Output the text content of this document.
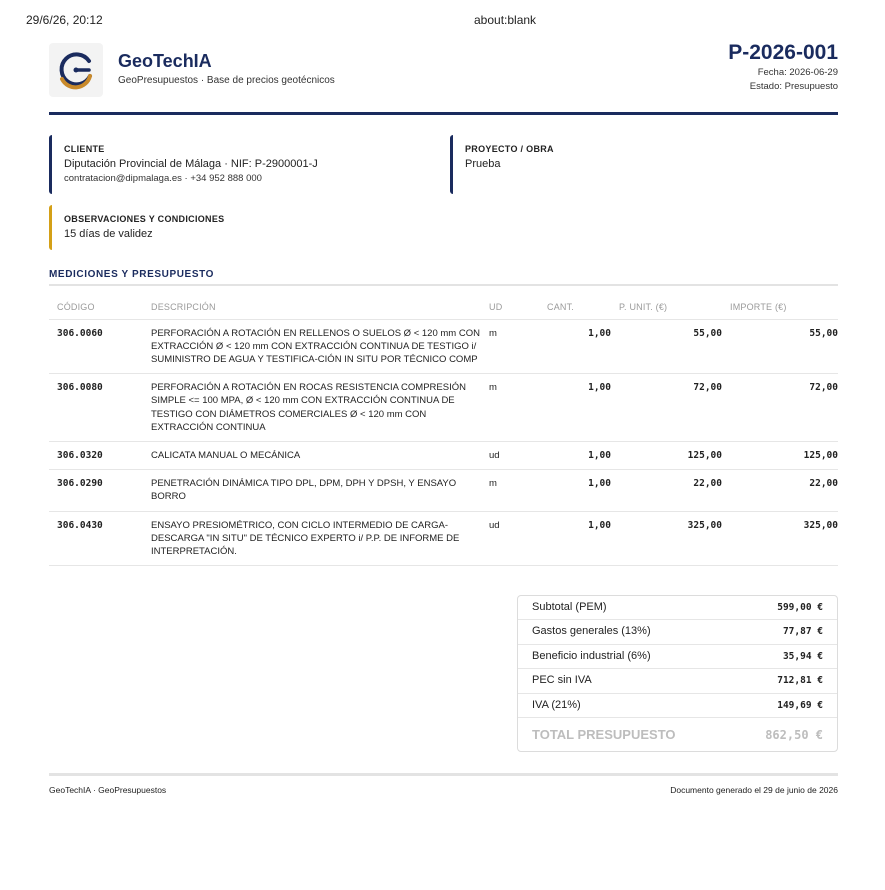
29/6/26, 20:12	about:blank
GeoTechIA
GeoPresupuestos · Base de precios geotécnicos
P-2026-001
Fecha: 2026-06-29
Estado: Presupuesto
CLIENTE
Diputación Provincial de Málaga · NIF: P-2900001-J
contratacion@dipmalaga.es · +34 952 888 000
PROYECTO / OBRA
Prueba
OBSERVACIONES Y CONDICIONES
15 días de validez
MEDICIONES Y PRESUPUESTO
CÓDIGO	DESCRIPCIÓN	UD	CANT.	P. UNIT. (€)	IMPORTE (€)
306.0060	PERFORACIÓN A ROTACIÓN EN RELLENOS O SUELOS Ø < 120 mm CON EXTRACCIÓN Ø < 120 mm CON EXTRACCIÓN CONTINUA DE TESTIGO i/ SUMINISTRO DE AGUA Y TESTIFICA-CIÓN IN SITU POR TÉCNICO COMP	m	1,00	55,00	55,00
306.0080	PERFORACIÓN A ROTACIÓN EN ROCAS RESISTENCIA COMPRESIÓN SIMPLE <= 100 MPA, Ø < 120 mm CON EXTRACCIÓN CONTINUA DE TESTIGO CON DIÁMETROS COMERCIALES Ø < 120 mm CON EXTRACCIÓN CONTINUA	m	1,00	72,00	72,00
306.0320	CALICATA MANUAL O MECÁNICA	ud	1,00	125,00	125,00
306.0290	PENETRACIÓN DINÁMICA TIPO DPL, DPM, DPH Y DPSH, Y ENSAYO BORRO	m	1,00	22,00	22,00
306.0430	ENSAYO PRESIOMÉTRICO, CON CICLO INTERMEDIO DE CARGA-DESCARGA "IN SITU" DE TÉCNICO EXPERTO i/ P.P. DE INFORME DE INTERPRETACIÓN.	ud	1,00	325,00	325,00
Subtotal (PEM)	599,00 €
Gastos generales (13%)	77,87 €
Beneficio industrial (6%)	35,94 €
PEC sin IVA	712,81 €
IVA (21%)	149,69 €
TOTAL PRESUPUESTO	862,50 €
GeoTechIA · GeoPresupuestos	Documento generado el 29 de junio de 2026
